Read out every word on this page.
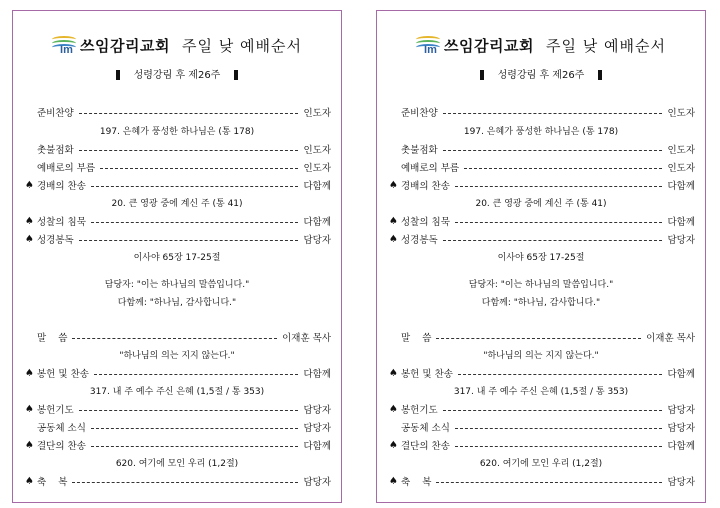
Im 쓰임감리교회 주일 낮 예배순서
성령강림 후 제26주
준비찬양	인도자
197. 은혜가 풍성한 하나님은 (통 178)
촛불점화	인도자
예배로의 부름	인도자
♠ 경배의 찬송	다함께
20. 큰 영광 중에 계신 주 (통 41)
♠ 성찰의 침묵	다함께
♠ 성경봉독	담당자
이사야 65장 17-25절
담당자: "이는 하나님의 말씀입니다."
다함께: "하나님, 감사합니다."
말    씀	이재훈 목사
"하나님의 의는 지지 않는다."
♠ 봉헌 및 찬송	다함께
317. 내 주 예수 주신 은혜 (1,5절 / 통 353)
♠ 봉헌기도	담당자
공동체 소식	담당자
♠ 결단의 찬송	다함께
620. 여기에 모인 우리 (1,2절)
♠ 축    복	담당자
Im 쓰임감리교회 주일 낮 예배순서
성령강림 후 제26주
준비찬양	인도자
197. 은혜가 풍성한 하나님은 (통 178)
촛불점화	인도자
예배로의 부름	인도자
♠ 경배의 찬송	다함께
20. 큰 영광 중에 계신 주 (통 41)
♠ 성찰의 침묵	다함께
♠ 성경봉독	담당자
이사야 65장 17-25절
담당자: "이는 하나님의 말씀입니다."
다함께: "하나님, 감사합니다."
말    씀	이재훈 목사
"하나님의 의는 지지 않는다."
♠ 봉헌 및 찬송	다함께
317. 내 주 예수 주신 은혜 (1,5절 / 통 353)
♠ 봉헌기도	담당자
공동체 소식	담당자
♠ 결단의 찬송	다함께
620. 여기에 모인 우리 (1,2절)
♠ 축    복	담당자
